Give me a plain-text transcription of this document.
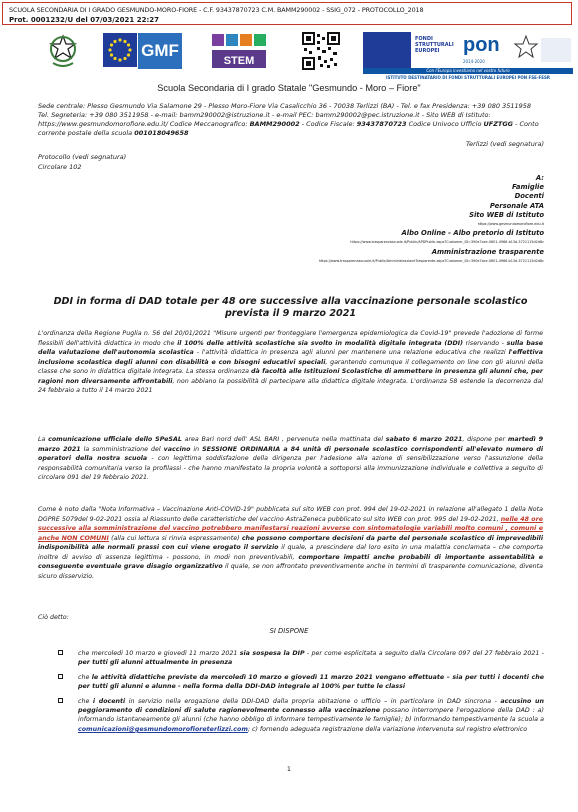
SCUOLA SECONDARIA DI I GRADO GESMUNDO-MORO-FIORE - C.F. 93437870723 C.M. BAMM290002 - SSIG_072 - PROTOCOLLO_2018
Prot. 0001232/U del 07/03/2021 22:27
GMF
STEM
FONDI STRUTTURALI EUROPEI	pon
2014-2020
Con l'Europa investiamo nel vostro futuro
ISTITUTO DESTINATARIO DI FONDI STRUTTURALI EUROPEI PON FSE-FESR
Scuola Secondaria di I grado Statale "Gesmundo - Moro – Fiore"
Sede centrale: Plesso Gesmundo Via Salamone 29 - Plesso Moro-Fiore Via Casalicchio 36 - 70038 Terlizzi (BA) - Tel. e fax Presidenza: +39 080 3511958 Tel. Segreteria: +39 080 3511958 - e-mail: bamm290002@istruzione.it - e-mail PEC: bamm290002@pec.istruzione.it - Sito WEB di Istituto: https://www.gesmundomorofiore.edu.it/ Codice Meccanografico: BAMM290002 - Codice Fiscale: 93437870723 Codice Univoco Ufficio UFZTGG - Conto corrente postale della scuola 001018049658
Terlizzi (vedi segnatura)
Protocollo (vedi segnatura)
Circolare 102
A:
Famiglie
Docenti
Personale ATA
Sito WEB di Istituto
https://www.gesmundomorofiore.edu.it
Albo Online - Albo pretorio di Istituto
https://www.trasparenzascuole.it/Public/APDPublic.aspx?Customer_ID=390e7ace-0601-4966-b13d-3721115d2d8c
Amministrazione trasparente
https://www.trasparenzascuole.it/Public/AmministrazioneTrasparente.aspx?Customer_ID=390e7ace-0601-4966-b13d-3721115d2d8c
DDI in forma di DAD totale per 48 ore successive alla vaccinazione personale scolastico prevista il 9 marzo 2021
L'ordinanza della Regione Puglia n. 56 del 20/01/2021 "Misure urgenti per fronteggiare l'emergenza epidemiologica da Covid-19" prevede l'adozione di forme flessibili dell'attività didattica in modo che il 100% delle attività scolastiche sia svolto in modalità digitale integrata (DDI) riservando - sulla base della valutazione dell'autonomia scolastica - l'attività didattica in presenza agli alunni per mantenere una relazione educativa che realizzi l'effettiva inclusione scolastica degli alunni con disabilità e con bisogni educativi speciali, garantendo comunque il collegamento on line con gli alunni della classe che sono in didattica digitale integrata. La stessa ordinanza dà facoltà alle Istituzioni Scolastiche di ammettere in presenza gli alunni che, per ragioni non diversamente affrontabili, non abbiano la possibilità di partecipare alla didattica digitale integrata. L'ordinanza 58 estende la decorrenza dal 24 febbraio a tutto il 14 marzo 2021
La comunicazione ufficiale dello SPeSAL area Bari nord dell' ASL BARI , pervenuta nella mattinata del sabato 6 marzo 2021, dispone per martedì 9 marzo 2021 la somministrazione del vaccino in SESSIONE ORDINARIA a 84 unità di personale scolastico corrispondenti all'elevato numero di operatori della nostra scuola - con legittima soddisfazione della dirigenza per l'adesione alla azione di sensibilizzazione verso l'assunzione della responsabilità comunitaria verso la profilassi - che hanno manifestato la propria volontà a sottoporsi alla immunizzazione individuale e collettiva a seguito di circolare 091 del 19 febbraio 2021.
Come è noto dalla "Nota Informativa – Vaccinazione Anti-COVID-19" pubblicata sul sito WEB con prot. 994 del 19-02-2021 in relazione all'allegato 1 della Nota DGPRE 5079del 9-02-2021 ossia al Riassunto delle caratteristiche del vaccino AstraZeneca pubblicato sul sito WEB con prot. 995 del 19-02-2021, nelle 48 ore successive alla somministrazione del vaccino potrebbero manifestarsi reazioni avverse con sintomatologie variabili molto comuni , comuni e anche NON COMUNI (alla cui lettura si rinvia espressamente) che possono comportare decisioni da parte del personale scolastico di imprevedibili indisponibilità alle normali prassi con cui viene erogato il servizio il quale, a prescindere dal loro esito in una malattia conclamata – che comporta inoltre di avviso di assenza legittima - possono, in modi non preventivabili, comportare impatti anche probabili di importante assentabilità e conseguente eventuale grave disagio organizzativo il quale, se non affrontato preventivamente anche in termini di trasparente comunicazione, diventa sicuro disservizio.
Ciò detto:
SI DISPONE
che mercoledì 10 marzo e giovedì 11 marzo 2021 sia sospesa la DIP - per come esplicitata a seguito dalla Circolare 097 del 27 febbraio 2021 - per tutti gli alunni attualmente in presenza
che le attività didattiche previste da mercoledì 10 marzo e giovedì 11 marzo 2021 vengano effettuate – sia per tutti i docenti che per tutti gli alunni e alunne - nella forma della DDI-DAD integrale al 100% per tutte le classi
che i docenti in servizio nella erogazione della DDI-DAD dalla propria abitazione o ufficio – in particolare in DAD sincrona - accusino un peggioramento di condizioni di salute ragionevolmente connesso alla vaccinazione possano interrompere l'erogazione della DAD : a) informando istantaneamente gli alunni (che hanno obbligo di informare tempestivamente le famiglie); b) informando tempestivamente la scuola a comunicazioni@gesmundomorofioreterlizzi.com; c) fornendo adeguata registrazione della variazione intervenuta sul registro elettronico
1
